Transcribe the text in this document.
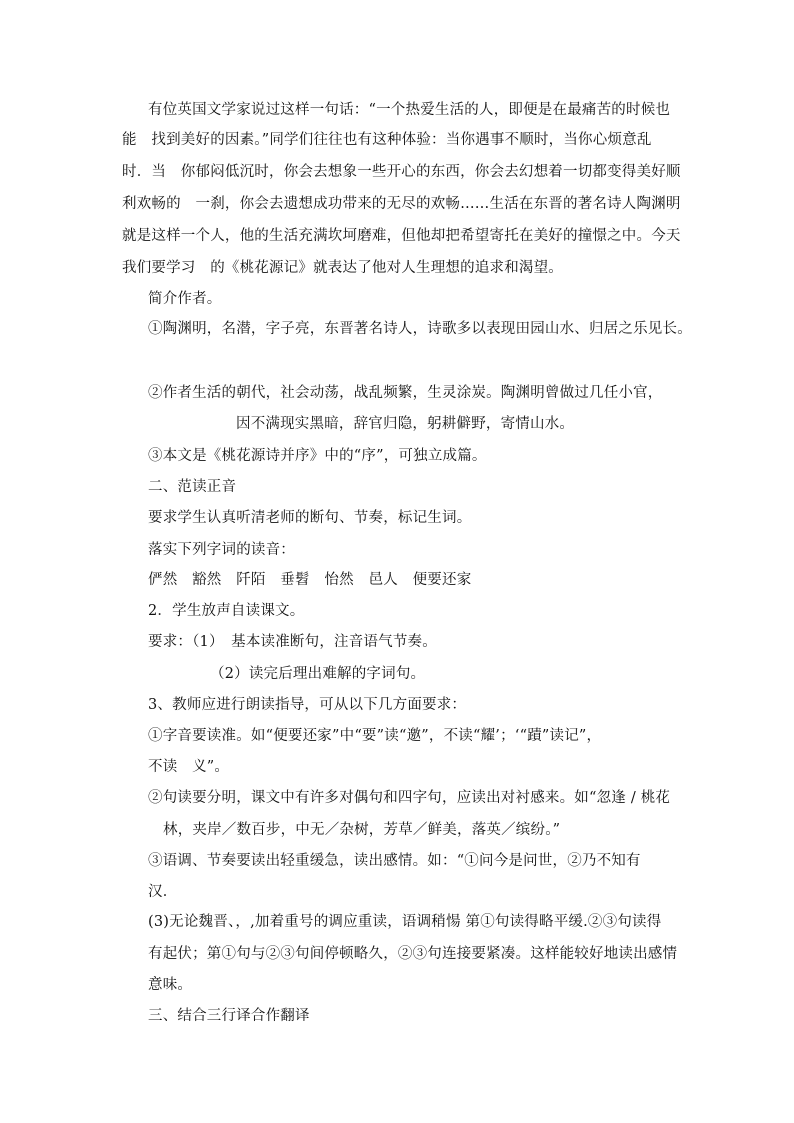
有位英国文学家说过这样一句话：“一个热爱生活的人，即便是在最痛苦的时候也
能　找到美好的因素。”同学们往往也有这种体验：当你遇事不顺时，当你心烦意乱
时．当　你郁闷低沉时，你会去想象一些开心的东西，你会去幻想着一切都变得美好顺
利欢畅的　一刹，你会去遗想成功带来的无尽的欢畅……生活在东晋的著名诗人陶渊明
就是这样一个人，他的生活充满坎坷磨难，但他却把希望寄托在美好的撞憬之中。今天
我们要学习　的《桃花源记》就表达了他对人生理想的追求和渴望。
简介作者。
①陶渊明，名潜，字子亮，东晋著名诗人，诗歌多以表现田园山水、归居之乐见长。
②作者生活的朝代，社会动荡，战乱频繁，生灵涂炭。陶渊明曾做过几任小官，
因不满现实黑暗，辞官归隐，躬耕僻野，寄情山水。
③本文是《桃花源诗并序》中的“序”，可独立成篇。
二、范读正音
要求学生认真听清老师的断句、节奏，标记生词。
落实下列字词的读音：
俨然　豁然　阡陌　垂髫　怡然　邑人　便要还家
2．学生放声自读课文。
要求：（1）　基本读准断句，注音语气节奏。
（2）读完后理出难解的字词句。
3、教师应进行朗读指导，可从以下几方面要求：
①字音要读准。如“便要还家”中“要”读“邀”，不读“耀’；‘“蹟”读记”，
不读　义”。
②句读要分明，课文中有许多对偶句和四字句，应读出对衬感来。如“忽逢 / 桃花
林，夹岸／数百步，中无／杂树，芳草／鲜美，落英／缤纷。”
③语调、节奏要读出轻重缓急，读出感情。如：“①问今是问世，②乃不知有
汉．
(3)无论魏晋、，,加着重号的调应重读，语调稍愓 第①句读得略平缓.②③句读得
有起伏；第①句与②③句间停顿略久，②③句连接要紧凑。这样能较好地读出感情
意味。
三、结合三行译合作翻译
